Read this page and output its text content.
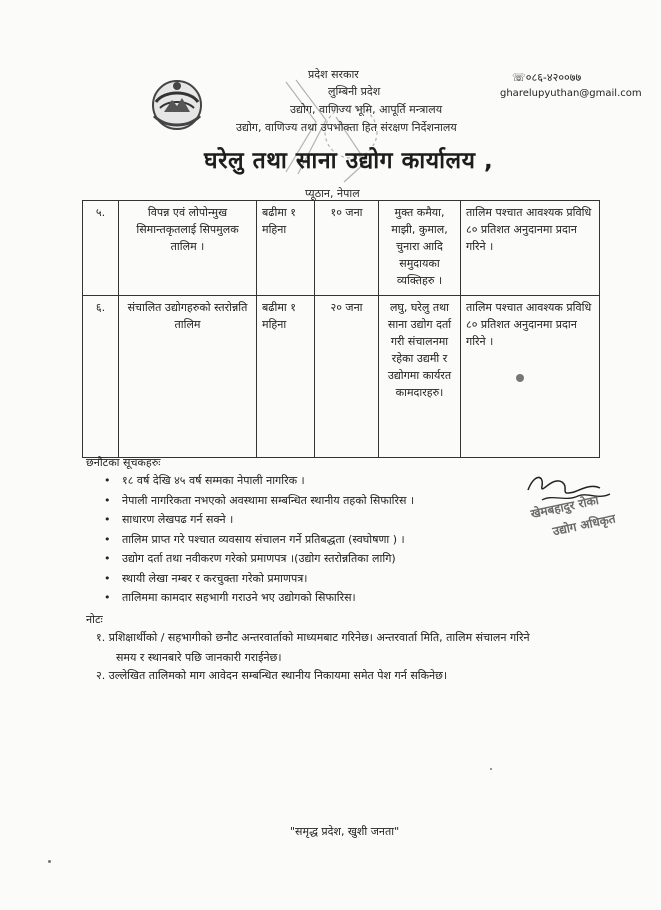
प्रदेश सरकार
लुम्बिनी प्रदेश
उद्योग, वाणिज्य भूमि, आपूर्ति मन्त्रालय
उद्योग, वाणिज्य तथा उपभोक्ता हित संरक्षण निर्देशनालय
घरेलु तथा साना उद्योग कार्यालय ,
प्यूठान, नेपाल
☏०८६-४२००७७
gharelupyuthan@gmail.com
५.	विपन्न एवं लोपोन्मुख सिमान्तकृतलाई सिपमुलक तालिम ।	बढीमा १ महिना	१० जना	मुक्त कमैया, माझी, कुमाल, चुनारा आदि समुदायका व्यक्तिहरु ।	तालिम पश्चात आवश्यक प्रविधि ८० प्रतिशत अनुदानमा प्रदान गरिने ।
६.	संचालित उद्योगहरुको स्तरोन्नति तालिम	बढीमा १ महिना	२० जना	लघु, घरेलु तथा साना उद्योग दर्ता गरी संचालनमा रहेका उद्यमी र उद्योगमा कार्यरत कामदारहरु।	तालिम पश्चात आवश्यक प्रविधि ८० प्रतिशत अनुदानमा प्रदान गरिने ।
छनौटका सूचकहरुः
• १८ वर्ष देखि ४५ वर्ष सम्मका नेपाली नागरिक ।
• नेपाली नागरिकता नभएको अवस्थामा सम्बन्धित स्थानीय तहको सिफारिस ।
• साधारण लेखपढ गर्न सक्ने ।
• तालिम प्राप्त गरे पश्चात व्यवसाय संचालन गर्ने प्रतिबद्धता (स्वघोषणा ) ।
• उद्योग दर्ता तथा नवीकरण गरेको प्रमाणपत्र ।(उद्योग स्तरोन्नतिका लागि)
• स्थायी लेखा नम्बर र करचुक्ता गरेको प्रमाणपत्र।
• तालिममा कामदार सहभागी गराउने भए उद्योगको सिफारिस।
खेमबहादुर रोका
उद्योग अधिकृत
नोटः
१. प्रशिक्षार्थीको / सहभागीको छनौट अन्तरवार्ताको माध्यमबाट गरिनेछ। अन्तरवार्ता मिति, तालिम संचालन गरिने
समय र स्थानबारे पछि जानकारी गराईनेछ।
२. उल्लेखित तालिमको माग आवेदन सम्बन्धित स्थानीय निकायमा समेत पेश गर्न सकिनेछ।
"समृद्ध प्रदेश, खुशी जनता"
